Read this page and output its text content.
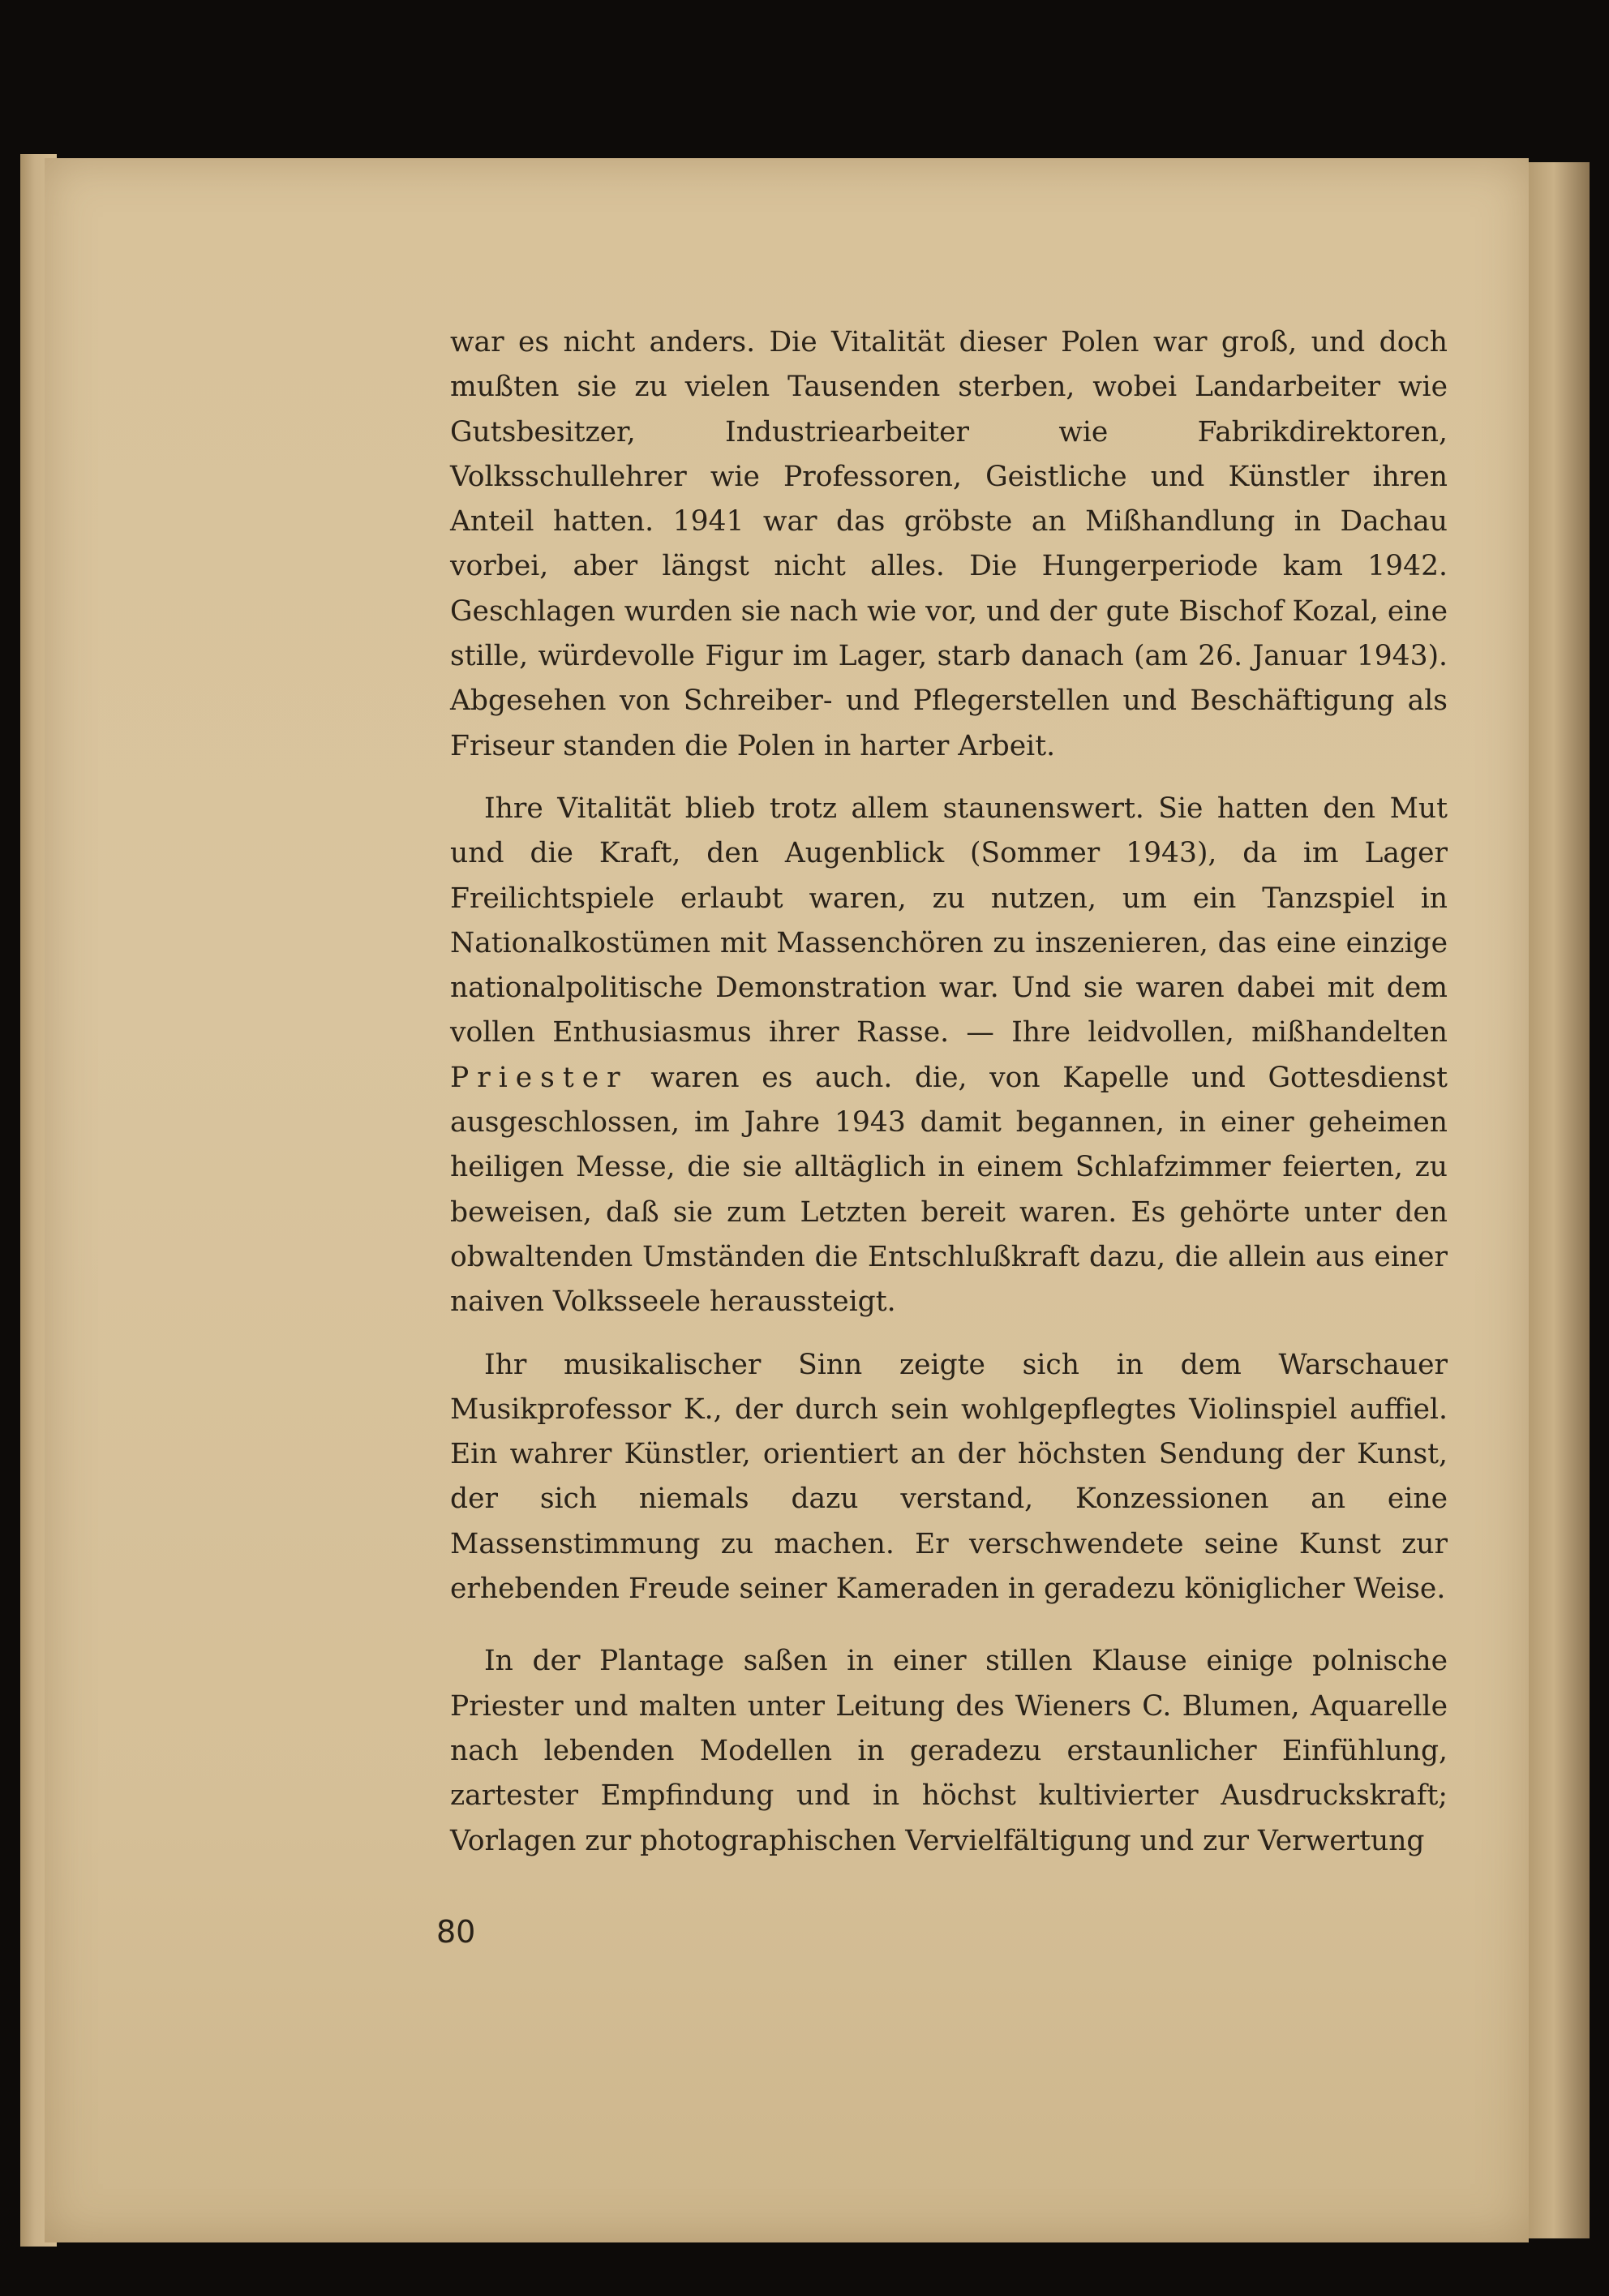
war es nicht anders. Die Vitalität dieser Polen war groß, und doch mußten sie zu vielen Tausenden sterben, wobei Landarbeiter wie Gutsbesitzer, Industriearbeiter wie Fabrikdirektoren, Volksschullehrer wie Professoren, Geistliche und Künstler ihren Anteil hatten. 1941 war das gröbste an Mißhandlung in Dachau vorbei, aber längst nicht alles. Die Hungerperiode kam 1942. Geschlagen wurden sie nach wie vor, und der gute Bischof Kozal, eine stille, würdevolle Figur im Lager, starb danach (am 26. Januar 1943). Abgesehen von Schreiber- und Pflegerstellen und Beschäftigung als Friseur standen die Polen in harter Arbeit.

Ihre Vitalität blieb trotz allem staunenswert. Sie hatten den Mut und die Kraft, den Augenblick (Sommer 1943), da im Lager Freilichtspiele erlaubt waren, zu nutzen, um ein Tanzspiel in Nationalkostümen mit Massenchören zu inszenieren, das eine einzige nationalpolitische Demonstration war. Und sie waren dabei mit dem vollen Enthusiasmus ihrer Rasse. — Ihre leidvollen, mißhandelten Priester waren es auch. die, von Kapelle und Gottesdienst ausgeschlossen, im Jahre 1943 damit begannen, in einer geheimen heiligen Messe, die sie alltäglich in einem Schlafzimmer feierten, zu beweisen, daß sie zum Letzten bereit waren. Es gehörte unter den obwaltenden Umständen die Entschlußkraft dazu, die allein aus einer naiven Volksseele heraussteigt.

Ihr musikalischer Sinn zeigte sich in dem Warschauer Musikprofessor K., der durch sein wohlgepflegtes Violinspiel auffiel. Ein wahrer Künstler, orientiert an der höchsten Sendung der Kunst, der sich niemals dazu verstand, Konzessionen an eine Massenstimmung zu machen. Er verschwendete seine Kunst zur erhebenden Freude seiner Kameraden in geradezu königlicher Weise.

In der Plantage saßen in einer stillen Klause einige polnische Priester und malten unter Leitung des Wieners C. Blumen, Aquarelle nach lebenden Modellen in geradezu erstaunlicher Einfühlung, zartester Empfindung und in höchst kultivierter Ausdruckskraft; Vorlagen zur photographischen Vervielfältigung und zur Verwertung

80
